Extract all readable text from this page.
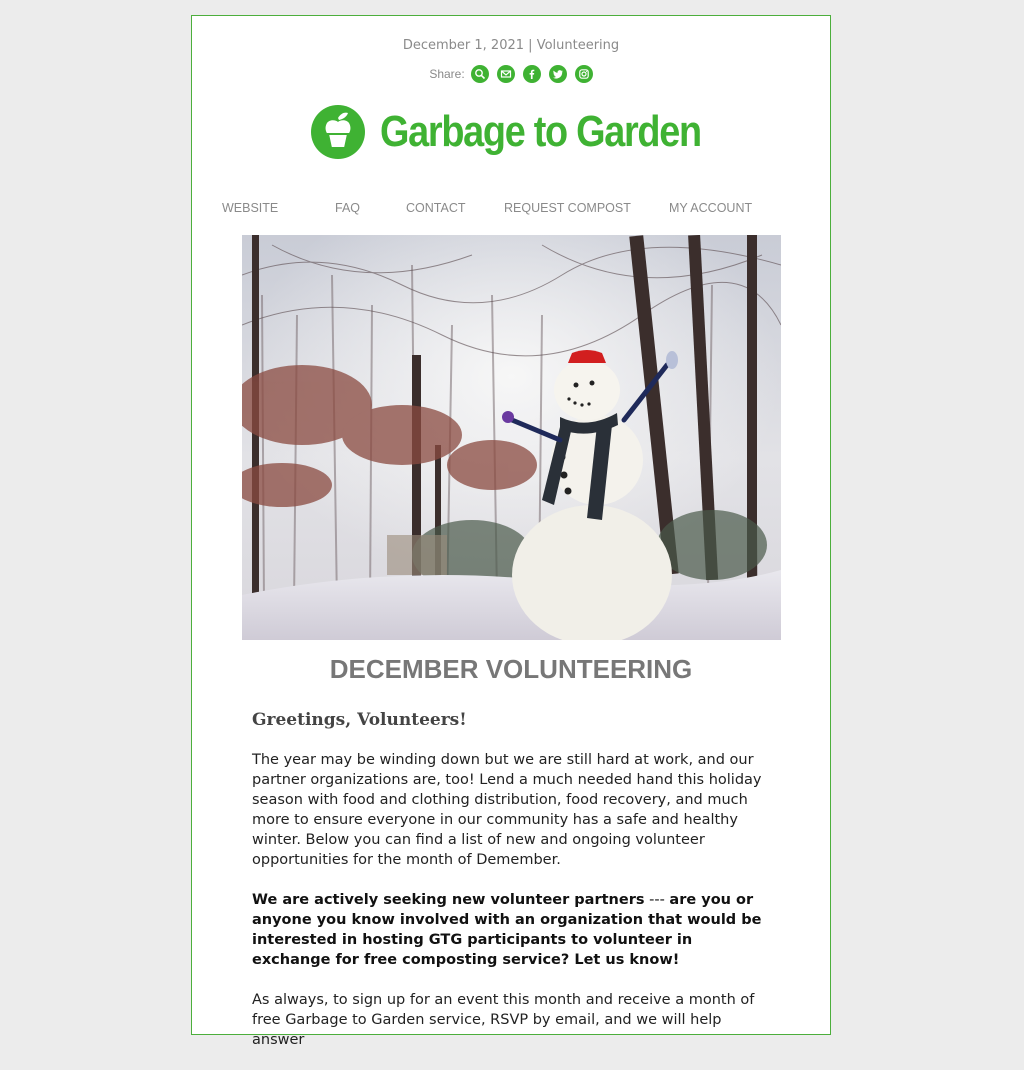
December 1, 2021 | Volunteering
Share:
Garbage to Garden
WEBSITE	FAQ	CONTACT	REQUEST COMPOST	MY ACCOUNT
DECEMBER VOLUNTEERING

Greetings, Volunteers!

The year may be winding down but we are still hard at work, and our partner organizations are, too! Lend a much needed hand this holiday season with food and clothing distribution, food recovery, and much more to ensure everyone in our community has a safe and healthy winter. Below you can find a list of new and ongoing volunteer opportunities for the month of Demember.

We are actively seeking new volunteer partners --- are you or anyone you know involved with an organization that would be interested in hosting GTG participants to volunteer in exchange for free composting service? Let us know!

As always, to sign up for an event this month and receive a month of free Garbage to Garden service, RSVP by email, and we will help answer
